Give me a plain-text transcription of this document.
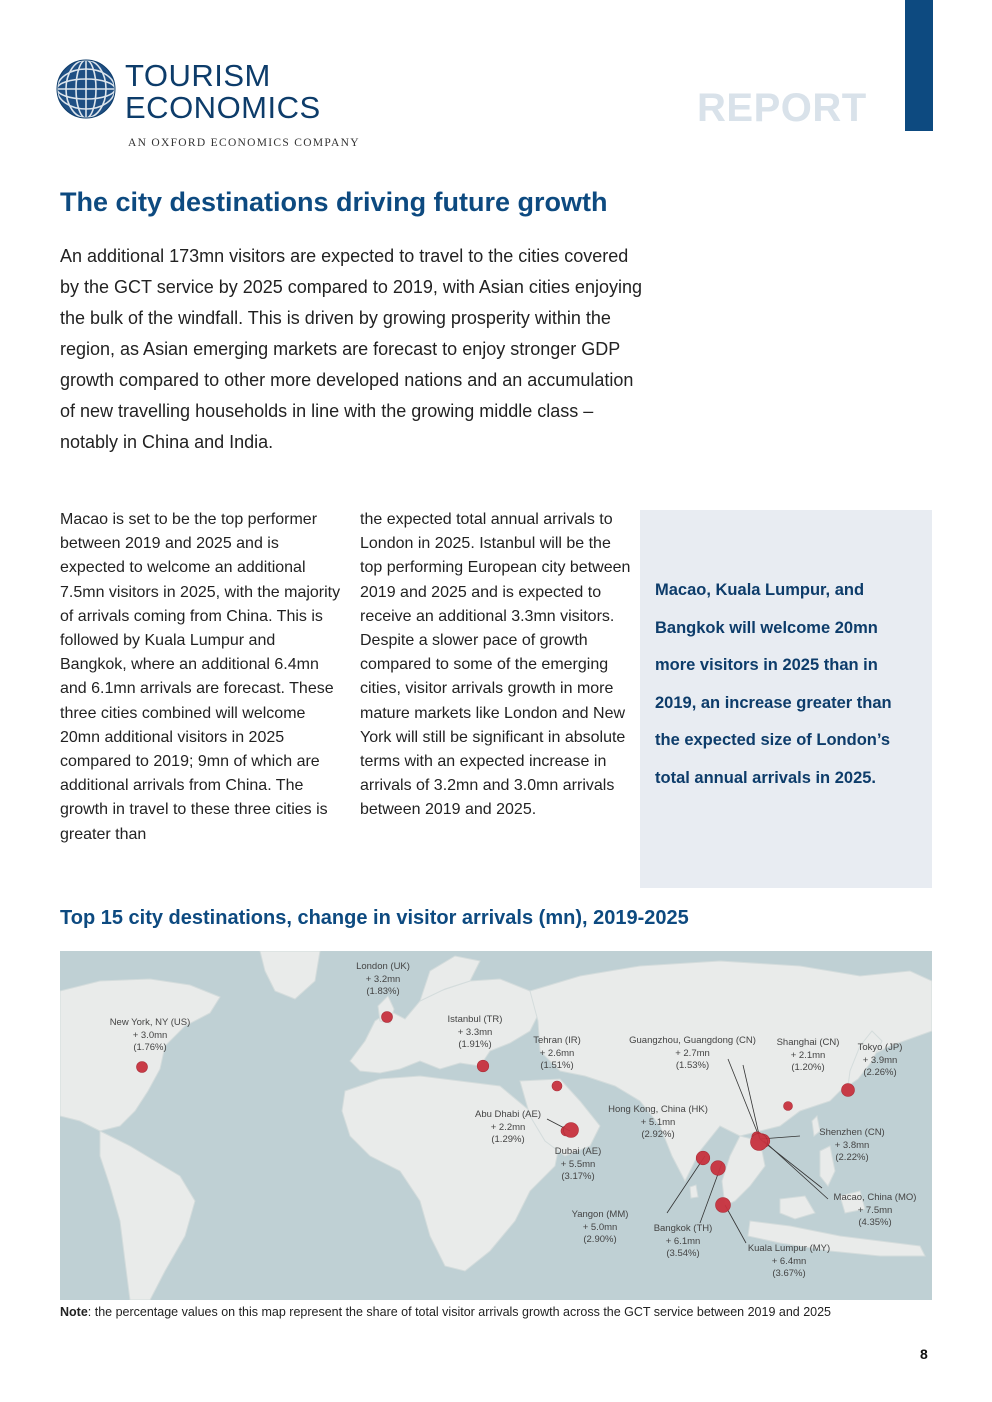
TOURISM
ECONOMICS
AN OXFORD ECONOMICS COMPANY
REPORT
The city destinations driving future growth

An additional 173mn visitors are expected to travel to the cities covered by the GCT service by 2025 compared to 2019, with Asian cities enjoying the bulk of the windfall. This is driven by growing prosperity within the region, as Asian emerging markets are forecast to enjoy stronger GDP growth compared to other more developed nations and an accumulation of new travelling households in line with the growing middle class – notably in China and India.

Macao is set to be the top performer between 2019 and 2025 and is expected to welcome an additional 7.5mn visitors in 2025, with the majority of arrivals coming from China. This is followed by Kuala Lumpur and Bangkok, where an additional 6.4mn and 6.1mn arrivals are forecast. These three cities combined will welcome 20mn additional visitors in 2025 compared to 2019; 9mn of which are additional arrivals from China. The growth in travel to these three cities is greater than

the expected total annual arrivals to London in 2025. Istanbul will be the top performing European city between 2019 and 2025 and is expected to receive an additional 3.3mn visitors. Despite a slower pace of growth compared to some of the emerging cities, visitor arrivals growth in more mature markets like London and New York will still be significant in absolute terms with an expected increase in arrivals of 3.2mn and 3.0mn arrivals between 2019 and 2025.

Macao, Kuala Lumpur, and Bangkok will welcome 20mn more visitors in 2025 than in 2019, an increase greater than the expected size of London’s total annual arrivals in 2025.

Top 15 city destinations, change in visitor arrivals (mn), 2019-2025
London (UK)
+ 3.2mn
(1.83%)
New York, NY (US)
+ 3.0mn
(1.76%)
Istanbul (TR)
+ 3.3mn
(1.91%)	Tehran (IR)
+ 2.6mn
(1.51%)
Guangzhou, Guangdong (CN)
+ 2.7mn
(1.53%)
Shanghai (CN)
+ 2.1mn
(1.20%)
Tokyo (JP)
+ 3.9mn
(2.26%)
Abu Dhabi (AE)
+ 2.2mn
(1.29%)
Hong Kong, China (HK)
+ 5.1mn
(2.92%)	Shenzhen (CN)
+ 3.8mn
(2.22%)
Dubai (AE)
+ 5.5mn
(3.17%)
Macao, China (MO)
+ 7.5mn
(4.35%)
Yangon (MM)
+ 5.0mn
(2.90%)
Bangkok (TH)
+ 6.1mn
(3.54%)	Kuala Lumpur (MY)
+ 6.4mn
(3.67%)
Note: the percentage values on this map represent the share of total visitor arrivals growth across the GCT service between 2019 and 2025
8
